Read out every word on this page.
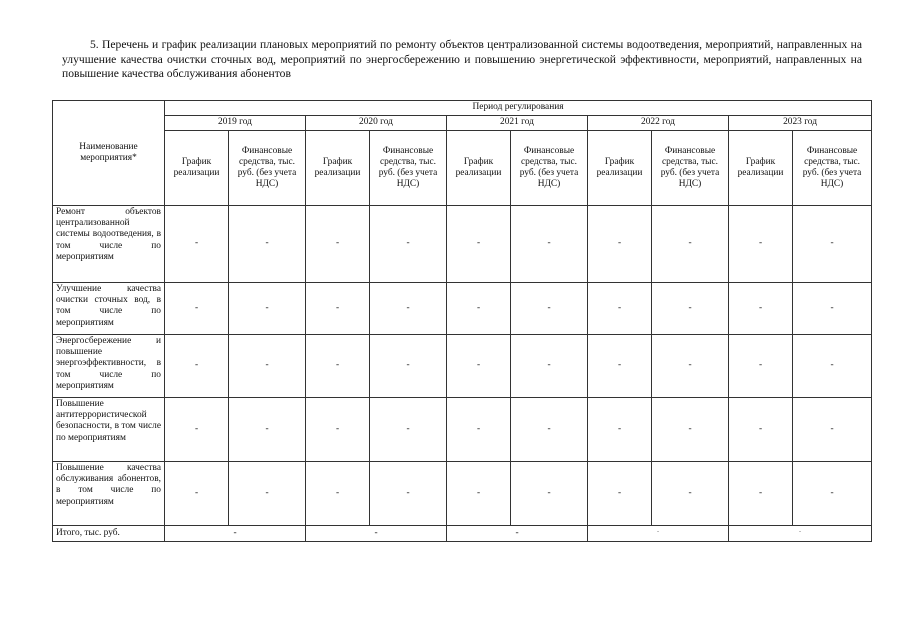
5. Перечень и график реализации плановых мероприятий по ремонту объектов централизованной системы водоотведения, мероприятий, направленных на улучшение качества очистки сточных вод, мероприятий по энергосбережению и повышению энергетической эффективности, мероприятий, направленных на повышение качества обслуживания абонентов
Наименование мероприятия*	Период регулирования									
	2019 год		2020 год		2021 год		2022 год		2023 год	
	График реализации	Финансовые средства, тыс. руб. (без учета НДС)	График реализации	Финансовые средства, тыс. руб. (без учета НДС)	График реализации	Финансовые средства, тыс. руб. (без учета НДС)	График реализации	Финансовые средства, тыс. руб. (без учета НДС)	График реализации	Финансовые средства, тыс. руб. (без учета НДС)
Ремонт объектов централизованной системы водоотведения, в том числе по мероприятиям	-	-	-	-	-	-	-	-	-	-
Улучшение качества очистки сточных вод, в том числе по мероприятиям	-	-	-	-	-	-	-	-	-	-
Энергосбережение и повышение энергоэффективности, в том числе по мероприятиям	-	-	-	-	-	-	-	-	-	-
Повышение антитеррористической безопасности, в том числе по мероприятиям	-	-	-	-	-	-	-	-	-	-
Повышение качества обслуживания абонентов, в том числе по мероприятиям	-	-	-	-	-	-	-	-	-	-
Итого, тыс. руб.	-		-		-		-		-	
